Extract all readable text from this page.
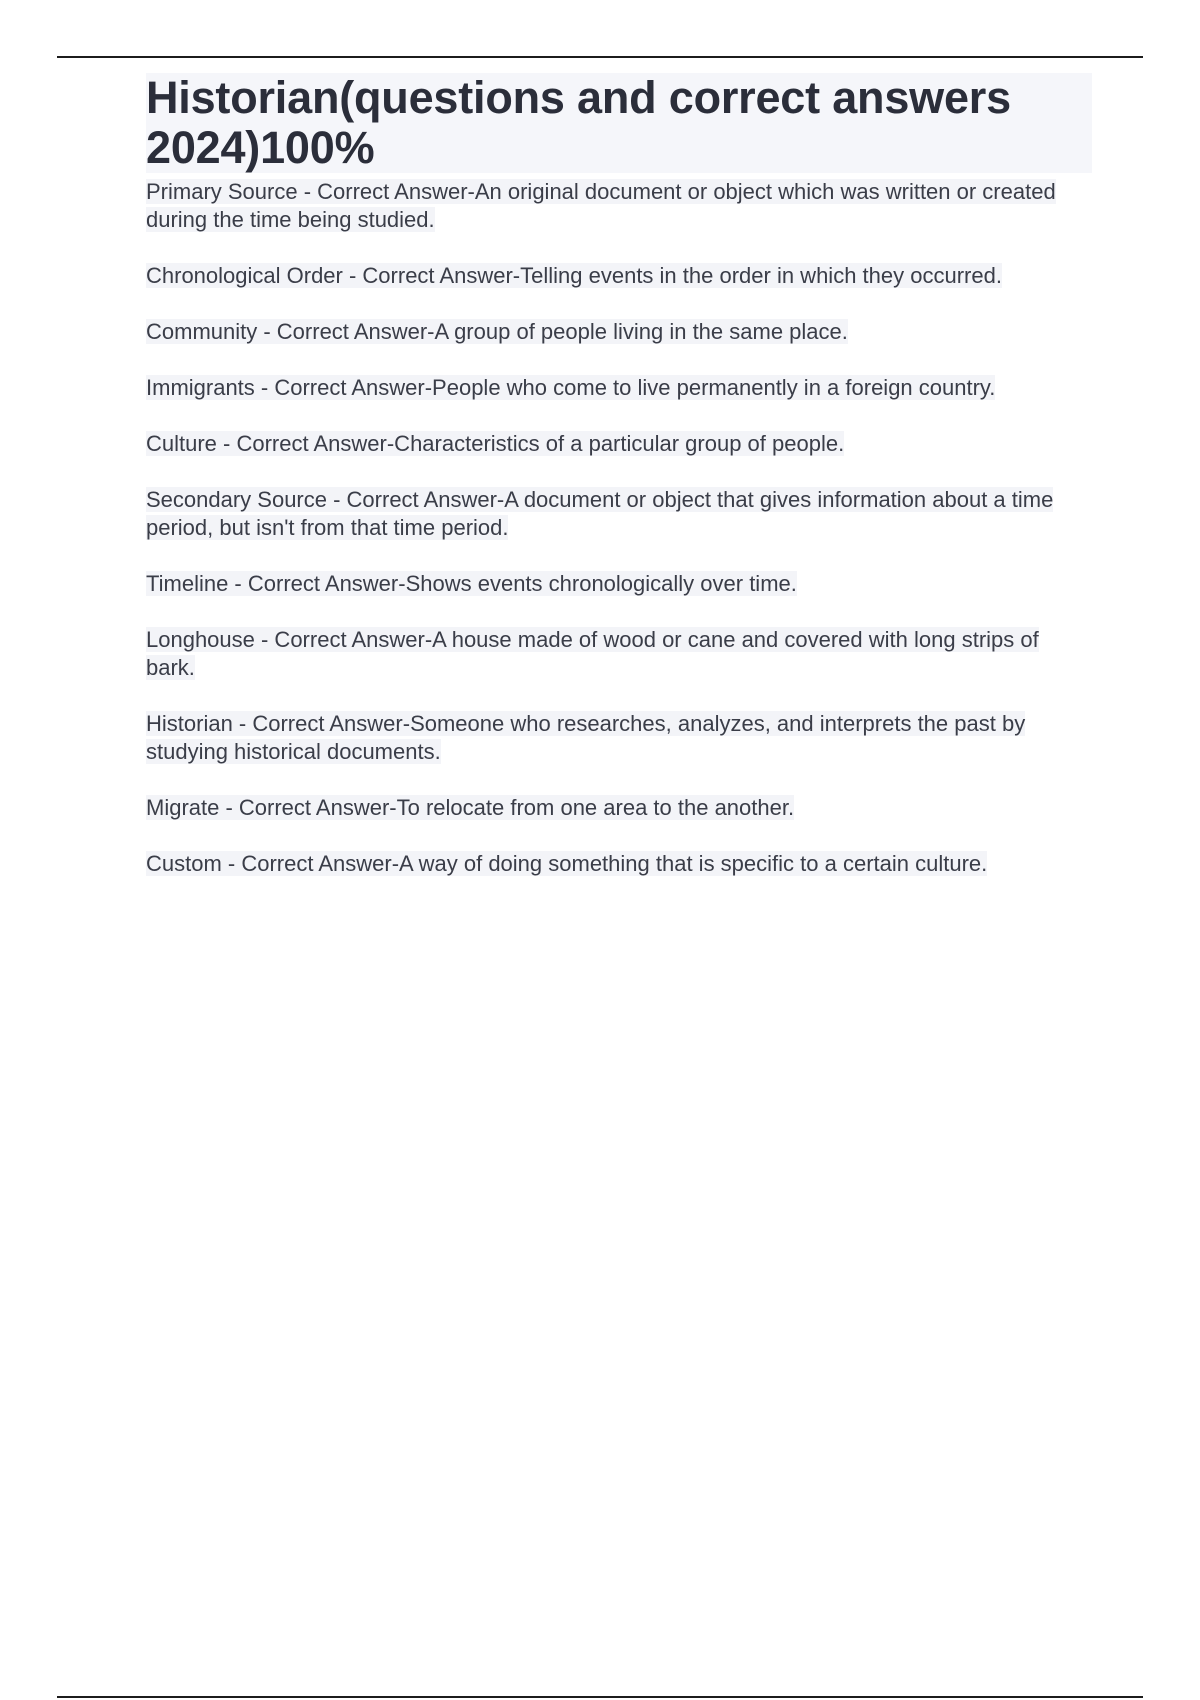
Historian(questions and correct answers 2024)100%
Primary Source - Correct Answer-An original document or object which was written or created during the time being studied.
Chronological Order - Correct Answer-Telling events in the order in which they occurred.
Community - Correct Answer-A group of people living in the same place.
Immigrants - Correct Answer-People who come to live permanently in a foreign country.
Culture - Correct Answer-Characteristics of a particular group of people.
Secondary Source - Correct Answer-A document or object that gives information about a time period, but isn't from that time period.
Timeline - Correct Answer-Shows events chronologically over time.
Longhouse - Correct Answer-A house made of wood or cane and covered with long strips of bark.
Historian - Correct Answer-Someone who researches, analyzes, and interprets the past by studying historical documents.
Migrate - Correct Answer-To relocate from one area to the another.
Custom - Correct Answer-A way of doing something that is specific to a certain culture.
